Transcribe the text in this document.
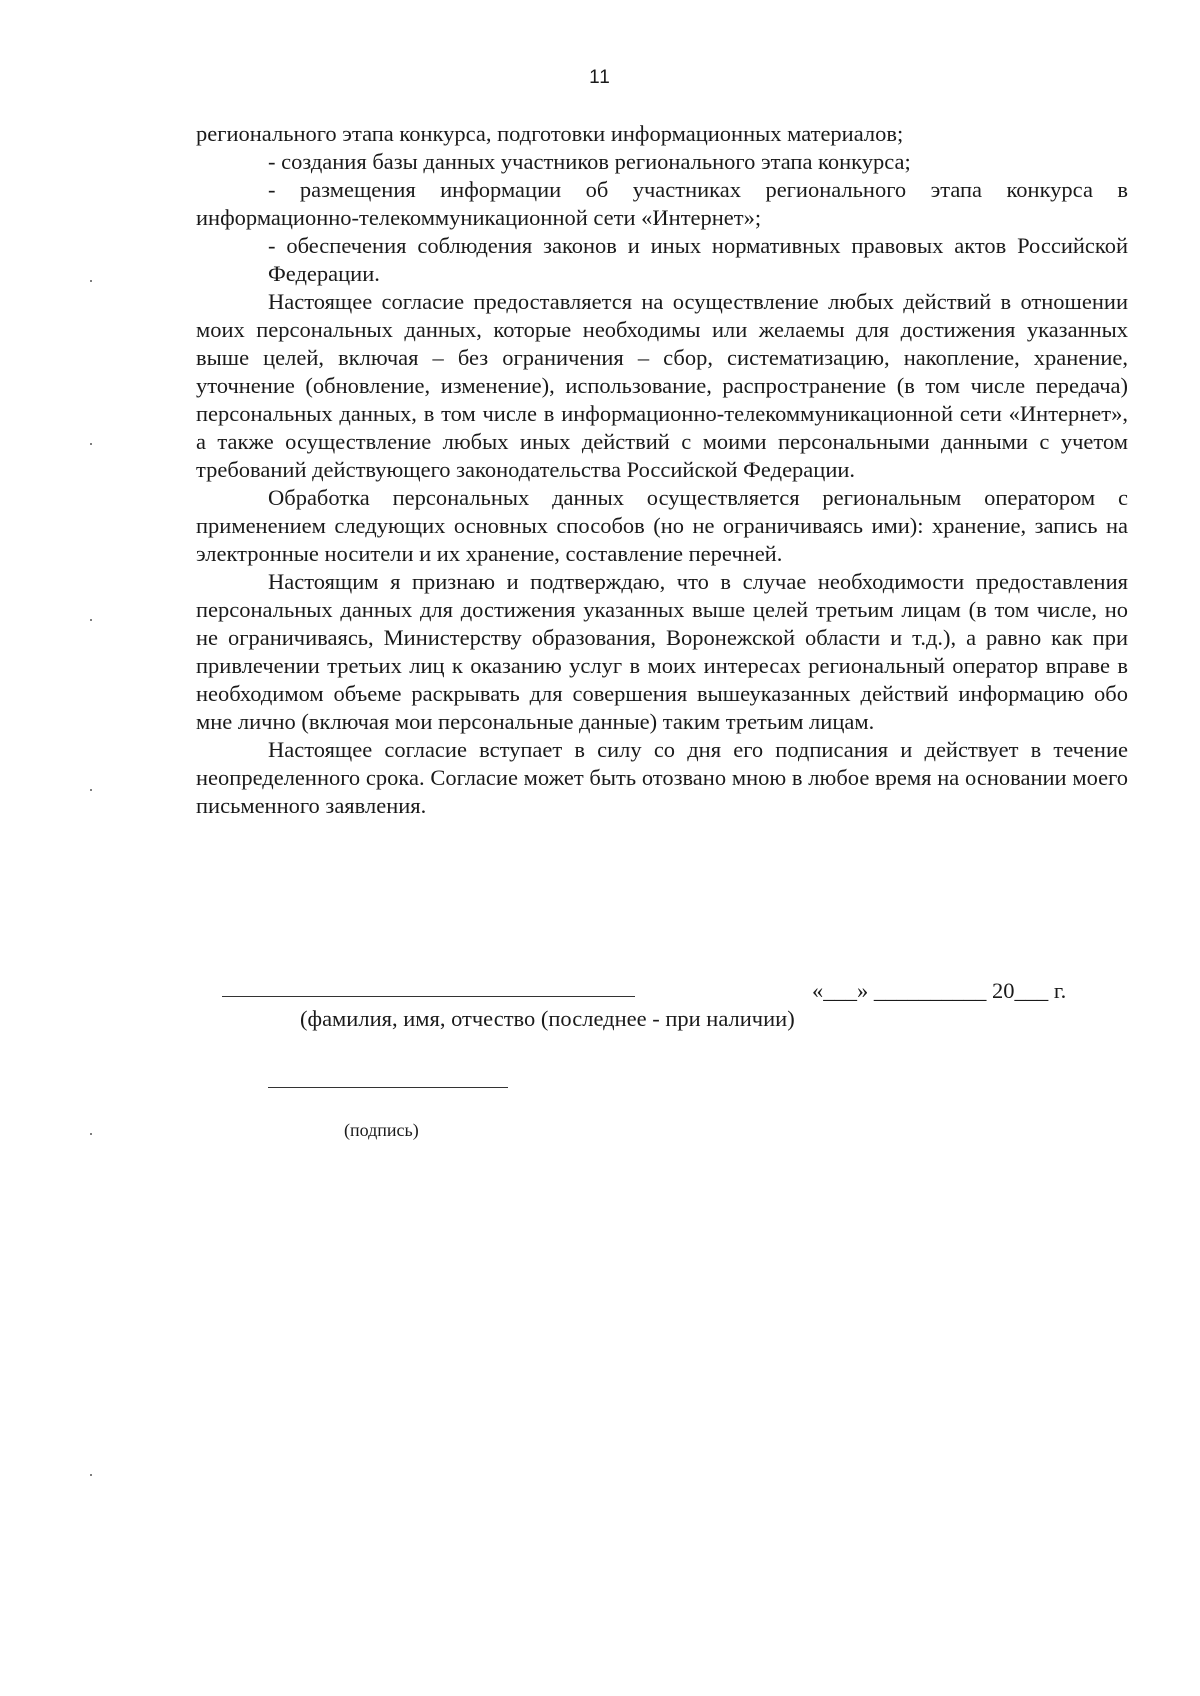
11

регионального этапа конкурса, подготовки информационных материалов;

- создания базы данных участников регионального этапа конкурса;

- размещения информации об участниках регионального этапа конкурса в информационно-телекоммуникационной сети «Интернет»;

- обеспечения соблюдения законов и иных нормативных правовых актов Российской Федерации.

Настоящее согласие предоставляется на осуществление любых действий в отношении моих персональных данных, которые необходимы или желаемы для достижения указанных выше целей, включая – без ограничения – сбор, систематизацию, накопление, хранение, уточнение (обновление, изменение), использование, распространение (в том числе передача) персональных данных, в том числе в информационно-телекоммуникационной сети «Интернет», а также осуществление любых иных действий с моими персональными данными с учетом требований действующего законодательства Российской Федерации.

Обработка персональных данных осуществляется региональным оператором с применением следующих основных способов (но не ограничиваясь ими): хранение, запись на электронные носители и их хранение, составление перечней.

Настоящим я признаю и подтверждаю, что в случае необходимости предоставления персональных данных для достижения указанных выше целей третьим лицам (в том числе, но не ограничиваясь, Министерству образования, Воронежской области и т.д.), а равно как при привлечении третьих лиц к оказанию услуг в моих интересах региональный оператор вправе в необходимом объеме раскрывать для совершения вышеуказанных действий информацию обо мне лично (включая мои персональные данные) таким третьим лицам.

Настоящее согласие вступает в силу со дня его подписания и действует в течение неопределенного срока. Согласие может быть отозвано мною в любое время на основании моего письменного заявления.

«___» __________ 20___ г.
(фамилия, имя, отчество (последнее - при наличии)
(подпись)
